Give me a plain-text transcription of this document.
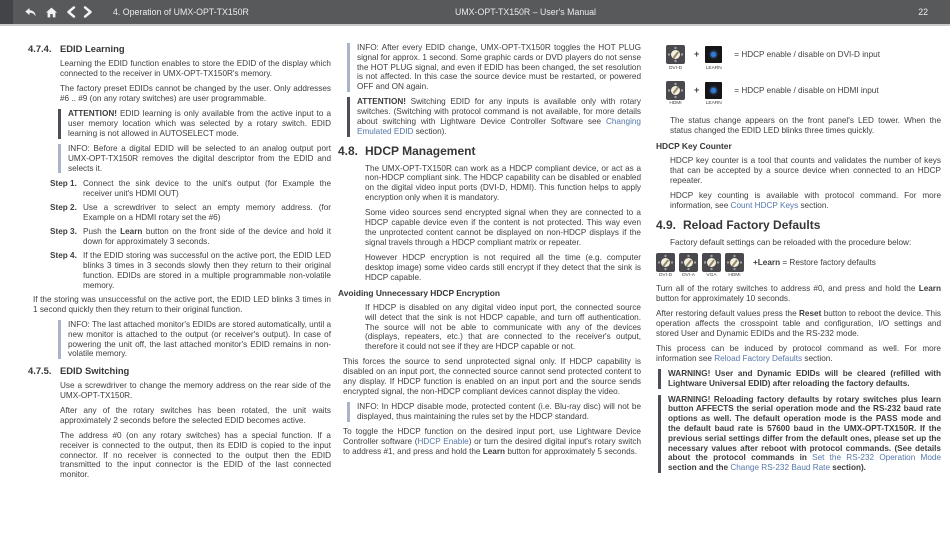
4. Operation of UMX-OPT-TX150R	UMX-OPT-TX150R – User's Manual	22
4.7.4. EDID Learning
Learning the EDID function enables to store the EDID of the display which connected to the receiver in UMX-OPT-TX150R's memory.
The factory preset EDIDs cannot be changed by the user. Only addresses #6 .. #9 (on any rotary switches) are user programmable.
ATTENTION! EDID learning is only available from the active input to a user memory location which was selected by a rotary switch. EDID learning is not allowed in AUTOSELECT mode.
INFO: Before a digital EDID will be selected to an analog output port UMX-OPT-TX150R removes the digital descriptor from the EDID and selects it.
Step 1. Connect the sink device to the unit's output (for Example the receiver unit's HDMI OUT)
Step 2. Use a screwdriver to select an empty memory address. (for Example on a HDMI rotary set the #6)
Step 3. Push the Learn button on the front side of the device and hold it down for approximately 3 seconds.
Step 4. If the EDID storing was successful on the active port, the EDID LED blinks 3 times in 3 seconds slowly then they return to their original function. EDIDs are stored in a multiple programmable non-volatile memory.
If the storing was unsuccessful on the active port, the EDID LED blinks 3 times in 1 second quickly then they return to their original function.
INFO: The last attached monitor's EDIDs are stored automatically, until a new monitor is attached to the output (or receiver's output). In case of powering the unit off, the last attached monitor's EDID remains in non-volatile memory.
4.7.5. EDID Switching
Use a screwdriver to change the memory address on the rear side of the UMX-OPT-TX150R.
After any of the rotary switches has been rotated, the unit waits approximately 2 seconds before the selected EDID becomes active.
The address #0 (on any rotary switches) has a special function. If a receiver is connected to the output, then its EDID is copied to the input connector. If no receiver is connected to the output then the EDID transmitted to the input connector is the EDID of the last connected monitor.
INFO: After every EDID change, UMX-OPT-TX150R toggles the HOT PLUG signal for approx. 1 second. Some graphic cards or DVD players do not sense the HOT PLUG signal, and even if EDID has been changed, the set resolution is not affected. In this case the source device must be restarted, or powered OFF and ON again.
ATTENTION! Switching EDID for any inputs is available only with rotary switches. (Switching with protocol command is not available, for more details about switching with Lightware Device Controller Software see Changing Emulated EDID section).
4.8. HDCP Management
The UMX-OPT-TX150R can work as a HDCP compliant device, or act as a non-HDCP compliant sink. The HDCP capability can be disabled or enabled on the digital video input ports (DVI-D, HDMI). This function helps to apply encryption only when it is mandatory.
Some video sources send encrypted signal when they are connected to a HDCP capable device even if the content is not protected. This way even the unprotected content cannot be displayed on non-HDCP displays if the signal travels through a HDCP compliant matrix or repeater.
However HDCP encryption is not required all the time (e.g. computer desktop image) some video cards still encrypt if they detect that the sink is HDCP capable.
Avoiding Unnecessary HDCP Encryption
If HDCP is disabled on any digital video input port, the connected source will detect that the sink is not HDCP capable, and turn off authentication. The source will not be able to communicate with any of the devices (displays, repeaters, etc.) that are connected to the receiver's output, therefore it could not see if they are HDCP capable or not.
This forces the source to send unprotected signal only. If HDCP capability is disabled on an input port, the connected source cannot send protected content to any display. If HDCP function is enabled on an input port and the source sends encrypted signal, the non-HDCP compliant devices cannot display the video.
INFO: In HDCP disable mode, protected content (i.e. Blu-ray disc) will not be displayed, thus maintaining the rules set by the HDCP standard.
To toggle the HDCP function on the desired input port, use Lightware Device Controller software (HDCP Enable) or turn the desired digital input's rotary switch to address #1, and press and hold the Learn button for approximately 5 seconds.
DVI-D
+
LEARN
= HDCP enable / disable on DVI-D input
HDMI
+
LEARN
= HDCP enable / disable on HDMI input
The status change appears on the front panel's LED tower. When the status changed the EDID LED blinks three times quickly.
HDCP Key Counter
HDCP key counter is a tool that counts and validates the number of keys that can be accepted by a source device when connected to an HDCP repeater.
HDCP key counting is available with protocol command. For more information, see Count HDCP Keys section.
4.9. Reload Factory Defaults
Factory default settings can be reloaded with the procedure below:
DVI-D DVI-A VGA HDMI
+Learn = Restore factory defaults
Turn all of the rotary switches to address #0, and press and hold the Learn button for approximately 10 seconds.
After restoring default values press the Reset button to reboot the device. This operation affects the crosspoint table and configuration, I/O settings and stored User and Dynamic EDIDs and the RS-232 mode.
This process can be induced by protocol command as well. For more information see Reload Factory Defaults section.
WARNING! User and Dynamic EDIDs will be cleared (refilled with Lightware Universal EDID) after reloading the factory defaults.
WARNING! Reloading factory defaults by rotary switches plus learn button AFFECTS the serial operation mode and the RS-232 baud rate options as well. The default operation mode is the PASS mode and the default baud rate is 57600 baud in the UMX-OPT-TX150R. If the previous serial settings differ from the default ones, please set up the necessary values after reboot with protocol commands. (See details about the protocol commands in Set the RS-232 Operation Mode section and the Change RS-232 Baud Rate section).
